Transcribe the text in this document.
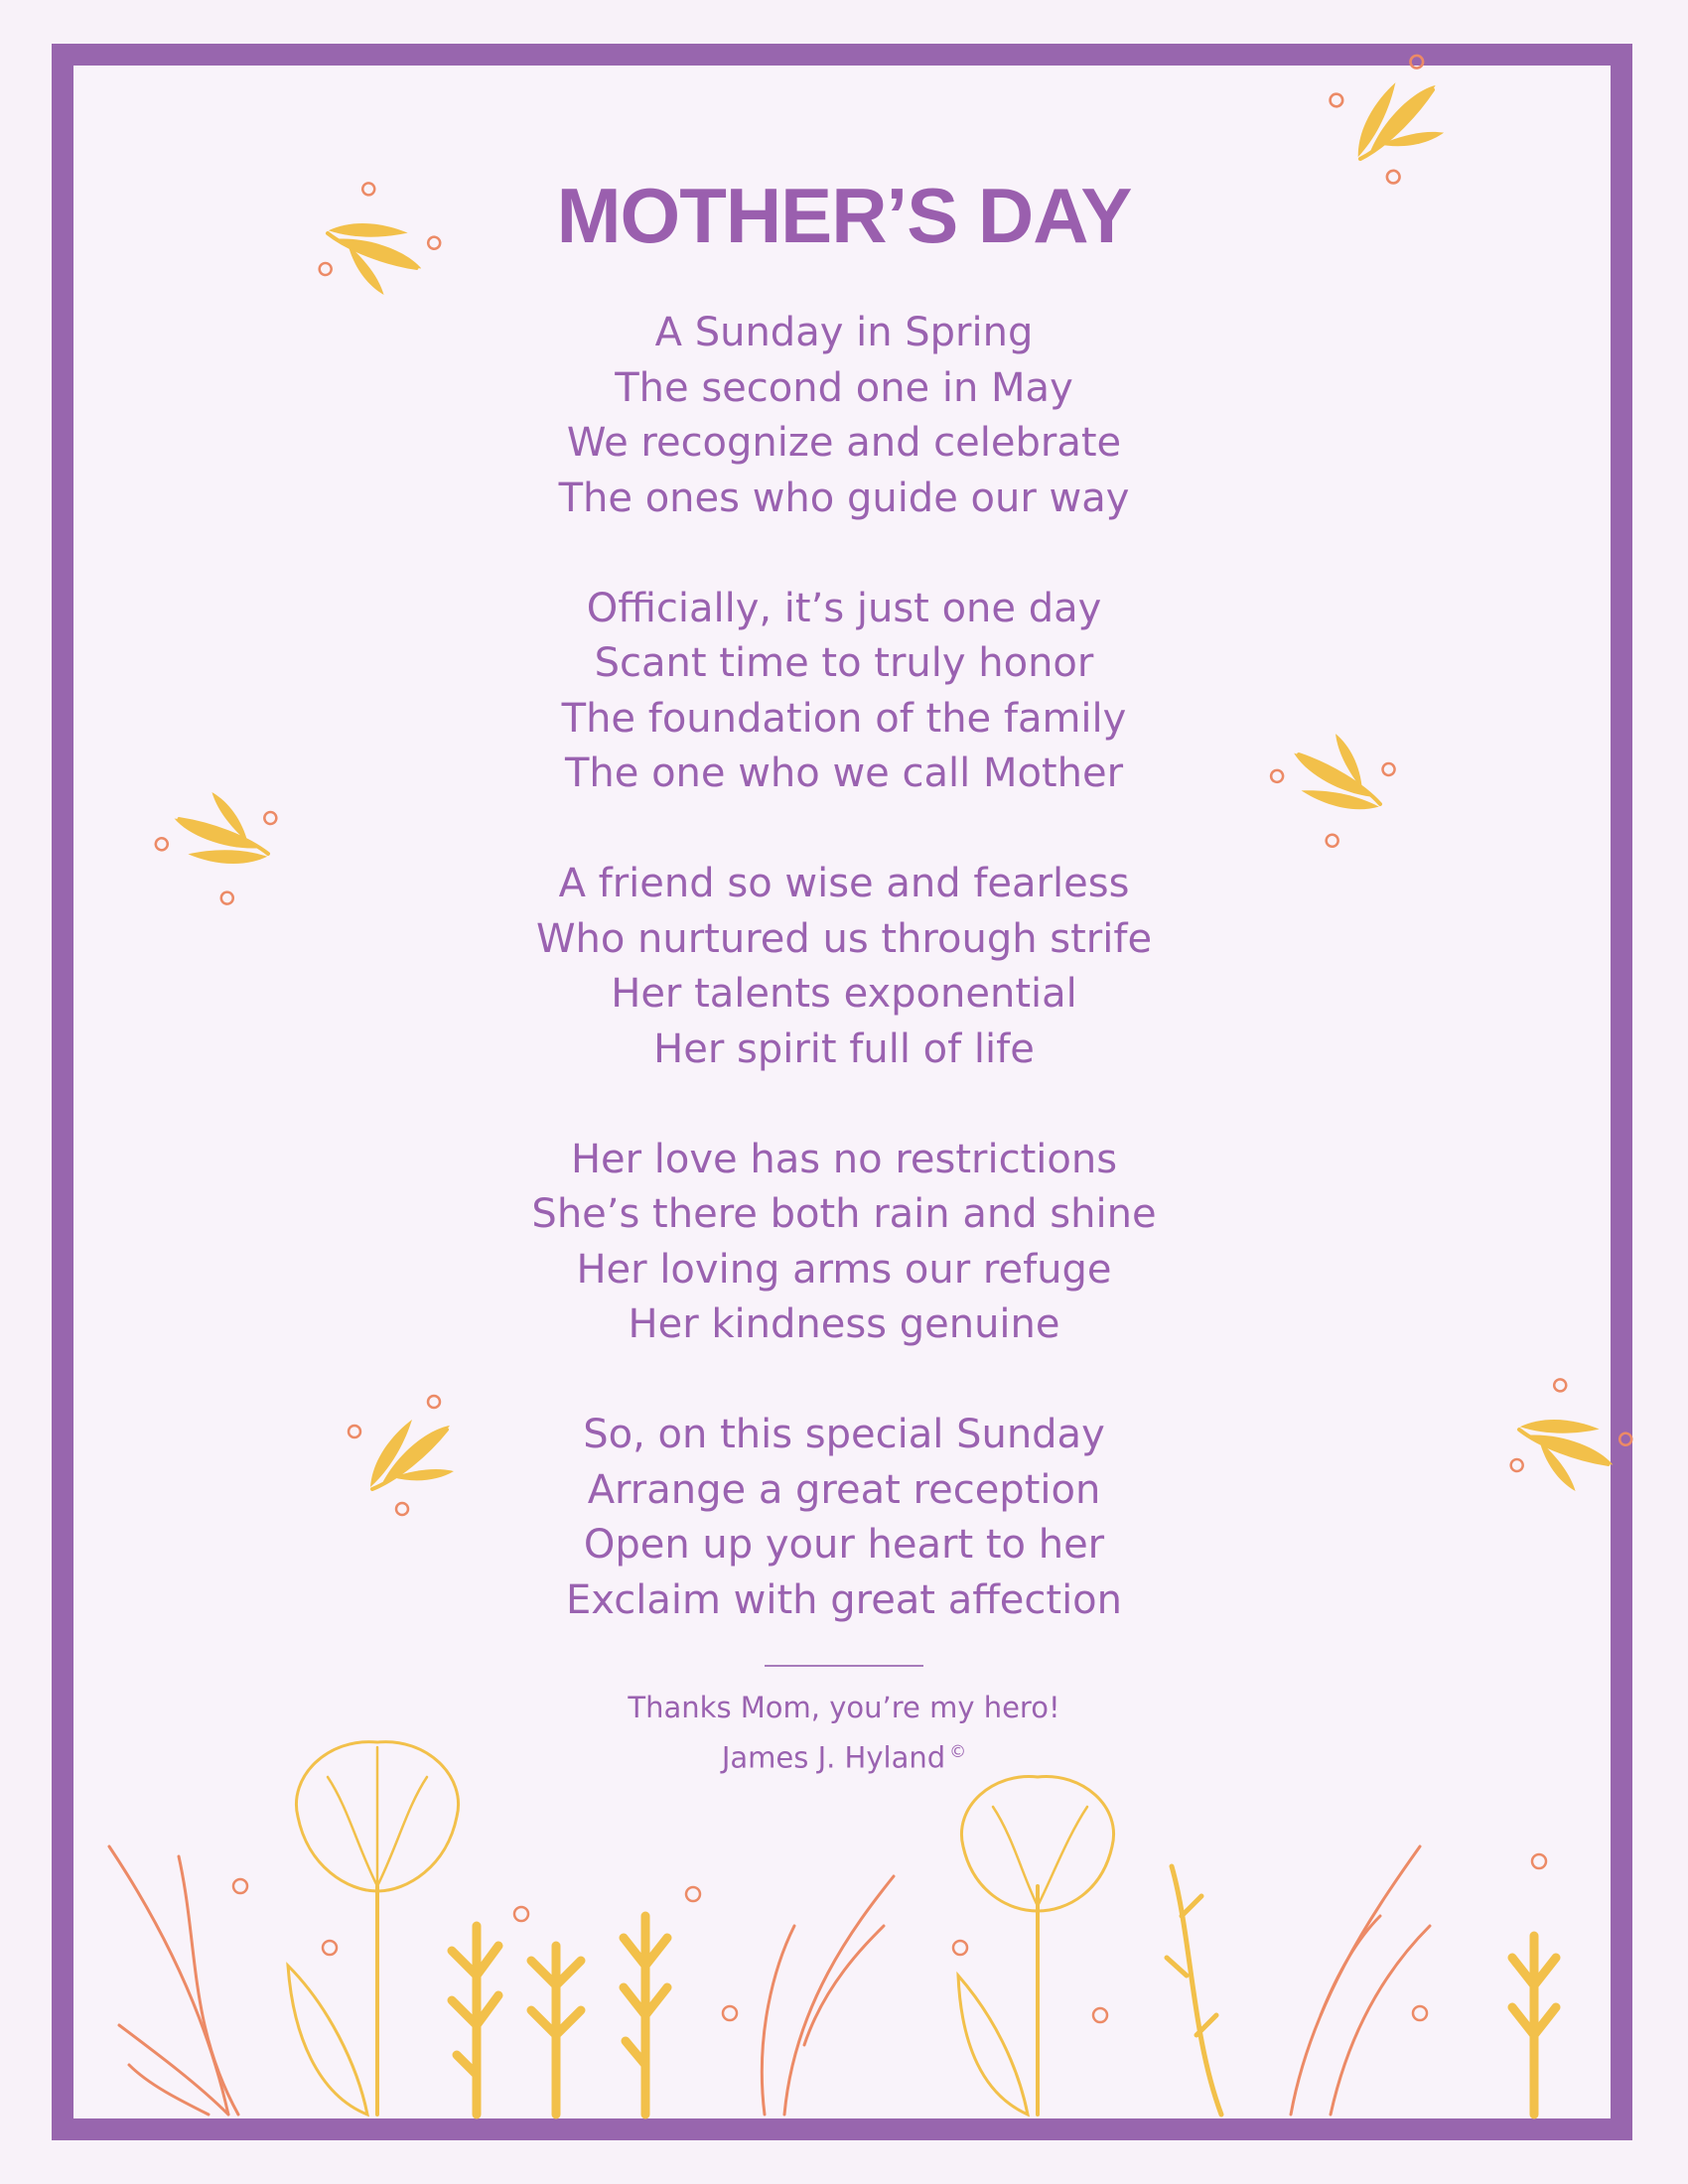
MOTHER’S DAY
A Sunday in Spring
The second one in May
We recognize and celebrate
The ones who guide our way
Officially, it’s just one day
Scant time to truly honor
The foundation of the family
The one who we call Mother
A friend so wise and fearless
Who nurtured us through strife
Her talents exponential
Her spirit full of life
Her love has no restrictions
She’s there both rain and shine
Her loving arms our refuge
Her kindness genuine
So, on this special Sunday
Arrange a great reception
Open up your heart to her
Exclaim with great affection
Thanks Mom, you’re my hero!
James J. Hyland ©
